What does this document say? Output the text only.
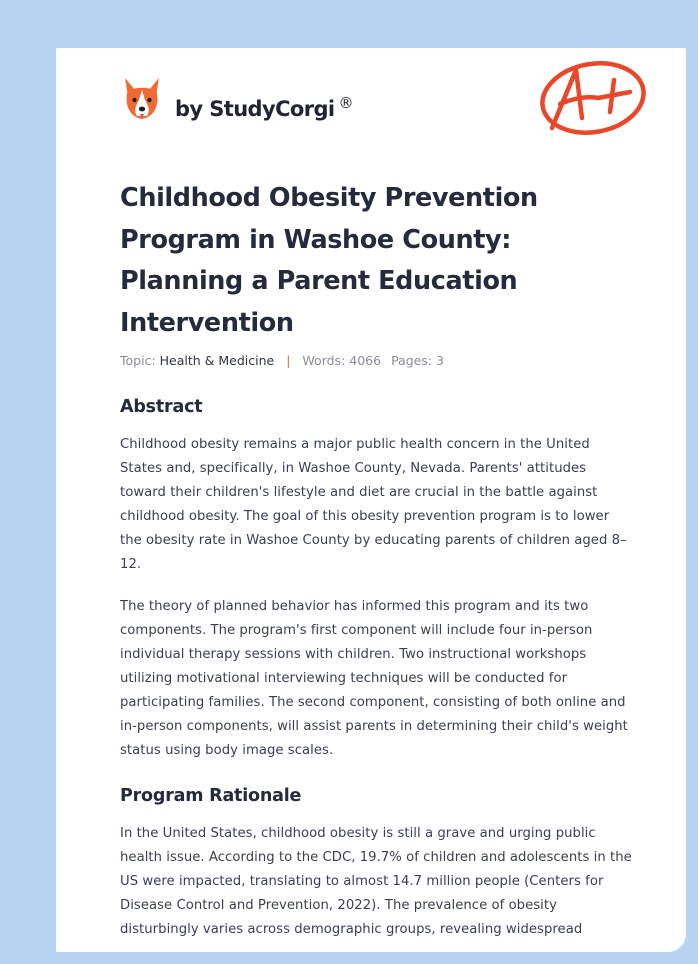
by StudyCorgi ®
Childhood Obesity Prevention Program in Washoe County: Planning a Parent Education Intervention
Topic: Health & Medicine | Words: 4066 Pages: 3
Abstract

Childhood obesity remains a major public health concern in the United States and, specifically, in Washoe County, Nevada. Parents' attitudes toward their children's lifestyle and diet are crucial in the battle against childhood obesity. The goal of this obesity prevention program is to lower the obesity rate in Washoe County by educating parents of children aged 8–12.

The theory of planned behavior has informed this program and its two components. The program's first component will include four in-person individual therapy sessions with children. Two instructional workshops utilizing motivational interviewing techniques will be conducted for participating families. The second component, consisting of both online and in-person components, will assist parents in determining their child's weight status using body image scales.

Program Rationale

In the United States, childhood obesity is still a grave and urging public health issue. According to the CDC, 19.7% of children and adolescents in the US were impacted, translating to almost 14.7 million people (Centers for Disease Control and Prevention, 2022). The prevalence of obesity disturbingly varies across demographic groups, revealing widespread
